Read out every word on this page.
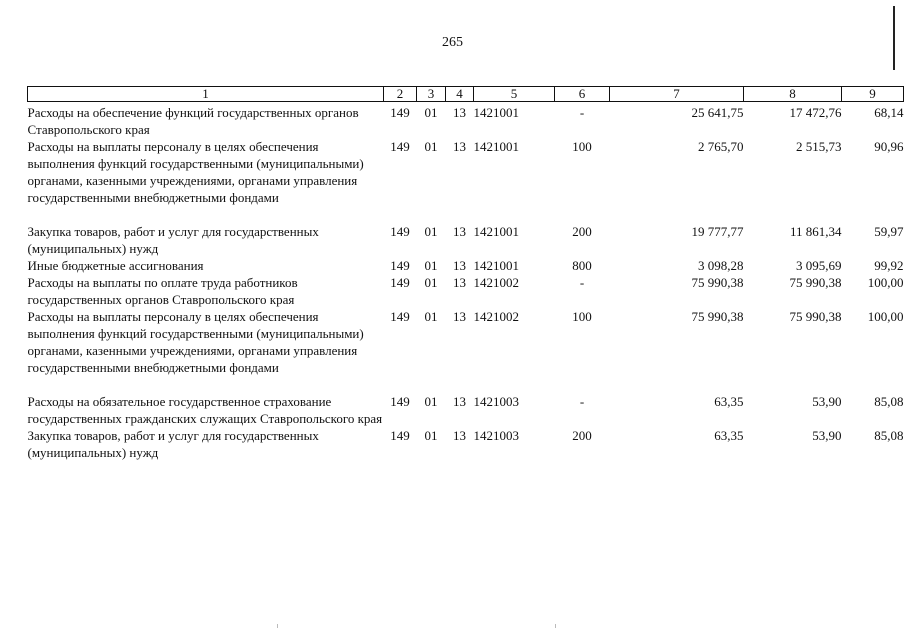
265
1	2	3	4	5	6	7	8	9
Расходы на обеспечение функций государственных органов Ставропольского края	149	01	13	1421001	-	25 641,75	17 472,76	68,14
Расходы на выплаты персоналу в целях обеспечения выполнения функций государственными (муниципальными) органами, казенными учреждениями, органами управления государственными внебюджетными фондами	149	01	13	1421001	100	2 765,70	2 515,73	90,96
Закупка товаров, работ и услуг для государственных (муниципальных) нужд	149	01	13	1421001	200	19 777,77	11 861,34	59,97
Иные бюджетные ассигнования	149	01	13	1421001	800	3 098,28	3 095,69	99,92
Расходы на выплаты по оплате труда работников государственных органов Ставропольского края	149	01	13	1421002	-	75 990,38	75 990,38	100,00
Расходы на выплаты персоналу в целях обеспечения выполнения функций государственными (муниципальными) органами, казенными учреждениями, органами управления государственными внебюджетными фондами	149	01	13	1421002	100	75 990,38	75 990,38	100,00
Расходы на обязательное государственное страхование государственных гражданских служащих Ставропольского края	149	01	13	1421003	-	63,35	53,90	85,08
Закупка товаров, работ и услуг для государственных (муниципальных) нужд	149	01	13	1421003	200	63,35	53,90	85,08
